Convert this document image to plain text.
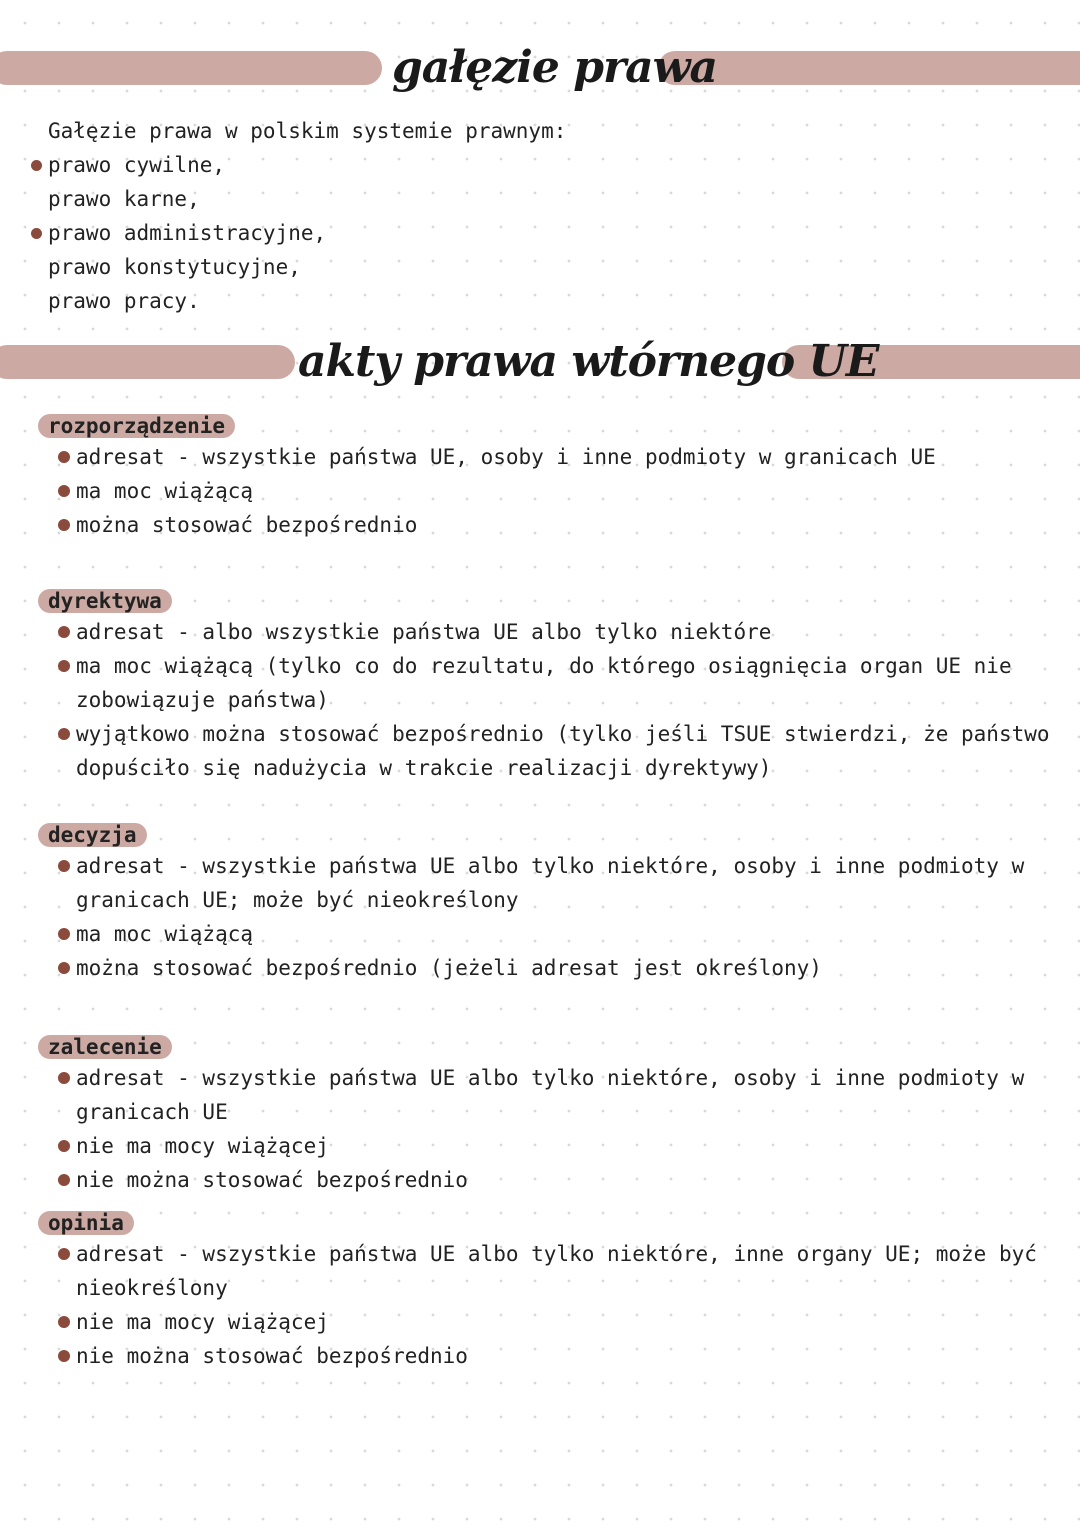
gałęzie prawa
Gałęzie prawa w polskim systemie prawnym:
prawo cywilne,
prawo karne,
prawo administracyjne,
prawo konstytucyjne,
prawo pracy.
akty prawa wtórnego UE
rozporządzenie
adresat - wszystkie państwa UE, osoby i inne podmioty w granicach UE
ma moc wiążącą
można stosować bezpośrednio
dyrektywa
adresat - albo wszystkie państwa UE albo tylko niektóre
ma moc wiążącą (tylko co do rezultatu, do którego osiągnięcia organ UE nie zobowiązuje państwa)
wyjątkowo można stosować bezpośrednio (tylko jeśli TSUE stwierdzi, że państwo dopuściło się nadużycia w trakcie realizacji dyrektywy)
decyzja
adresat - wszystkie państwa UE albo tylko niektóre, osoby i inne podmioty w granicach UE; może być nieokreślony
ma moc wiążącą
można stosować bezpośrednio (jeżeli adresat jest określony)
zalecenie
adresat - wszystkie państwa UE albo tylko niektóre, osoby i inne podmioty w granicach UE
nie ma mocy wiążącej
nie można stosować bezpośrednio
opinia
adresat - wszystkie państwa UE albo tylko niektóre, inne organy UE; może być nieokreślony
nie ma mocy wiążącej
nie można stosować bezpośrednio
